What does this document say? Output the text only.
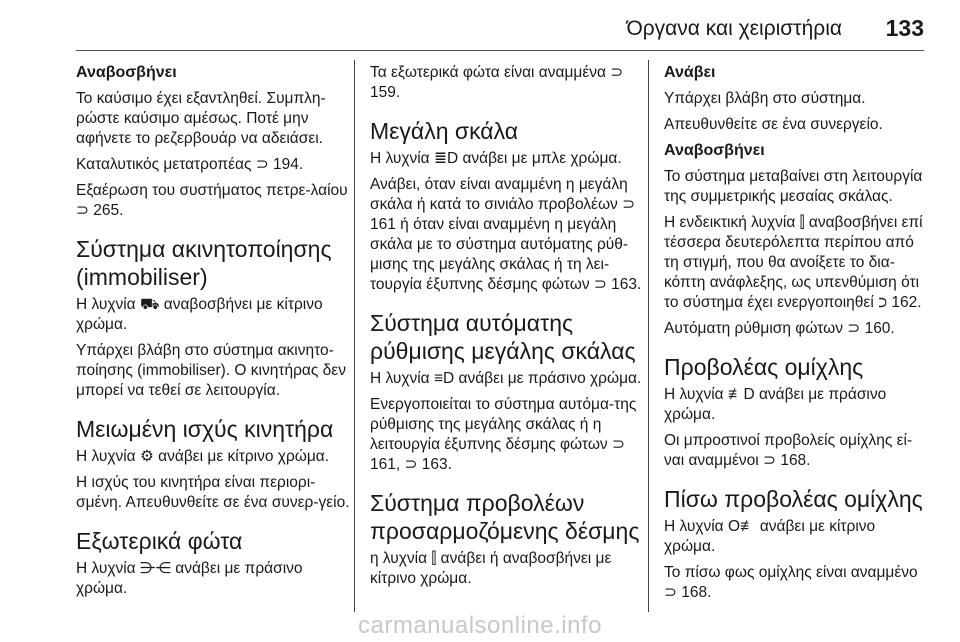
Όργανα και χειριστήρια 133
Αναβοσβήνει

Το καύσιμο έχει εξαντληθεί. Συμπλη-ρώστε καύσιμο αμέσως. Ποτέ μην αφήνετε το ρεζερβουάρ να αδειάσει.

Καταλυτικός μετατροπέας ⊃ 194.

Εξαέρωση του συστήματος πετρε-λαίου ⊃ 265.

Σύστημα ακινητοποίησης (immobiliser)

Η λυχνία ⛟ αναβοσβήνει με κίτρινο χρώμα.

Υπάρχει βλάβη στο σύστημα ακινητο-ποίησης (immobiliser). Ο κινητήρας δεν μπορεί να τεθεί σε λειτουργία.

Μειωμένη ισχύς κινητήρα

Η λυχνία ⚙ ανάβει με κίτρινο χρώμα.

Η ισχύς του κινητήρα είναι περιορι-σμένη. Απευθυνθείτε σε ένα συνερ-γείο.

Εξωτερικά φώτα

Η λυχνία ⋺⋲ ανάβει με πράσινο χρώμα.

Τα εξωτερικά φώτα είναι αναμμένα ⊃ 159.

Μεγάλη σκάλα

Η λυχνία ≣D ανάβει με μπλε χρώμα.

Ανάβει, όταν είναι αναμμένη η μεγάλη σκάλα ή κατά το σινιάλο προβολέων ⊃ 161 ή όταν είναι αναμμένη η μεγάλη σκάλα με το σύστημα αυτόματης ρύθ-μισης της μεγάλης σκάλας ή τη λει-τουργία έξυπνης δέσμης φώτων ⊃ 163.

Σύστημα αυτόματης ρύθμισης μεγάλης σκάλας

Η λυχνία ≡D ανάβει με πράσινο χρώμα.

Ενεργοποιείται το σύστημα αυτόμα-της ρύθμισης της μεγάλης σκάλας ή η λειτουργία έξυπνης δέσμης φώτων ⊃ 161, ⊃ 163.

Σύστημα προβολέων προσαρμοζόμενης δέσμης

η λυχνία ⫿ ανάβει ή αναβοσβήνει με κίτρινο χρώμα.

Ανάβει

Υπάρχει βλάβη στο σύστημα.

Απευθυνθείτε σε ένα συνεργείο.

Αναβοσβήνει

Το σύστημα μεταβαίνει στη λειτουργία της συμμετρικής μεσαίας σκάλας.

Η ενδεικτική λυχνία ⫿ αναβοσβήνει επί τέσσερα δευτερόλεπτα περίπου από τη στιγμή, που θα ανοίξετε το δια-κόπτη ανάφλεξης, ως υπενθύμιση ότι το σύστημα έχει ενεργοποιηθεί ⊃ 162.

Αυτόματη ρύθμιση φώτων ⊃ 160.

Προβολέας ομίχλης

Η λυχνία ≢D ανάβει με πράσινο χρώμα.

Οι μπροστινοί προβολείς ομίχλης εί-ναι αναμμένοι ⊃ 168.

Πίσω προβολέας ομίχλης

Η λυχνία O≢ ανάβει με κίτρινο χρώμα.

Το πίσω φως ομίχλης είναι αναμμένο ⊃ 168.

carmanualsonline.info
